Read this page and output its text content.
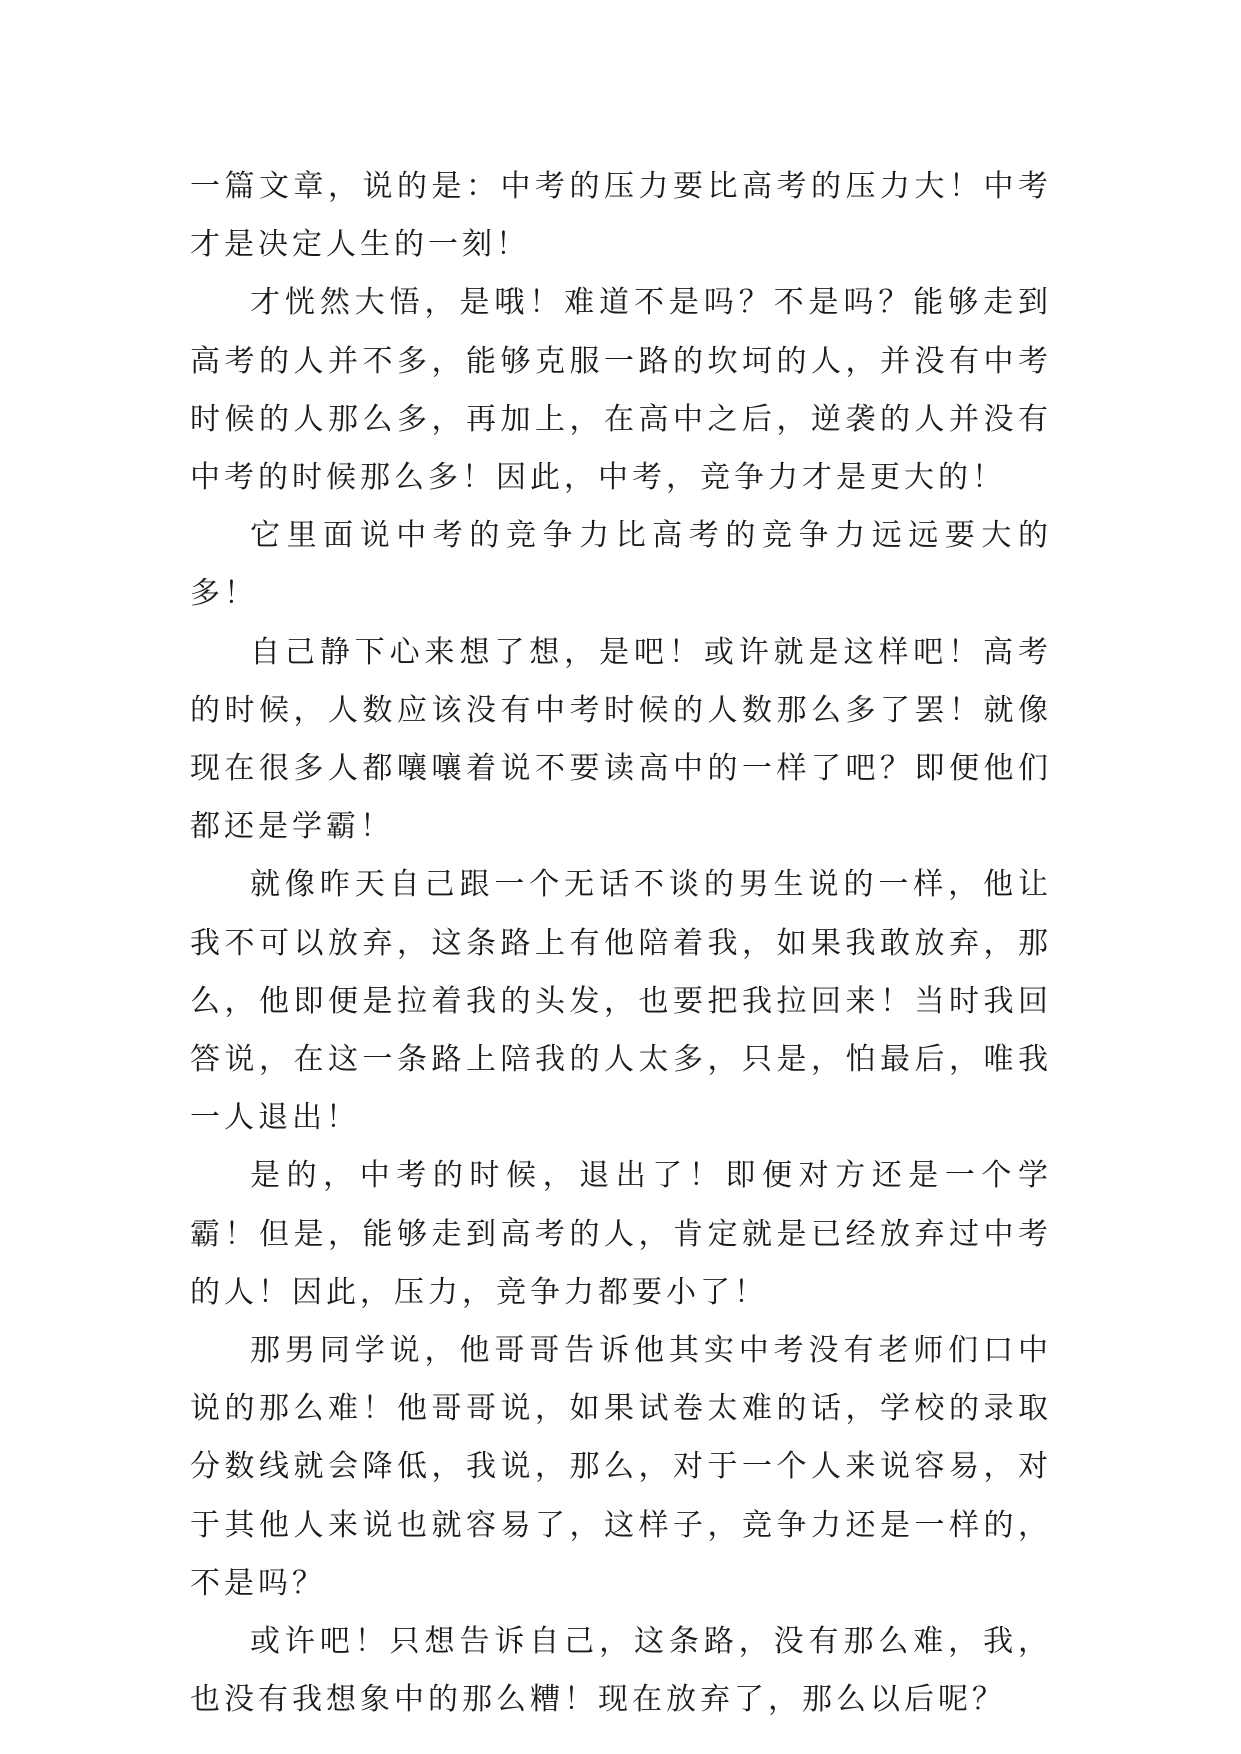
一篇文章，说的是：中考的压力要比高考的压力大！中考才是决定人生的一刻！

才恍然大悟，是哦！难道不是吗？不是吗？能够走到高考的人并不多，能够克服一路的坎坷的人，并没有中考时候的人那么多，再加上，在高中之后，逆袭的人并没有中考的时候那么多！因此，中考，竞争力才是更大的！

它里面说中考的竞争力比高考的竞争力远远要大的多！

自己静下心来想了想，是吧！或许就是这样吧！高考的时候，人数应该没有中考时候的人数那么多了罢！就像现在很多人都嚷嚷着说不要读高中的一样了吧？即便他们都还是学霸！

就像昨天自己跟一个无话不谈的男生说的一样，他让我不可以放弃，这条路上有他陪着我，如果我敢放弃，那么，他即便是拉着我的头发，也要把我拉回来！当时我回答说，在这一条路上陪我的人太多，只是，怕最后，唯我一人退出！

是的，中考的时候，退出了！即便对方还是一个学霸！但是，能够走到高考的人，肯定就是已经放弃过中考的人！因此，压力，竞争力都要小了！

那男同学说，他哥哥告诉他其实中考没有老师们口中说的那么难！他哥哥说，如果试卷太难的话，学校的录取分数线就会降低，我说，那么，对于一个人来说容易，对于其他人来说也就容易了，这样子，竞争力还是一样的，不是吗？

或许吧！只想告诉自己，这条路，没有那么难，我，也没有我想象中的那么糟！现在放弃了，那么以后呢？
